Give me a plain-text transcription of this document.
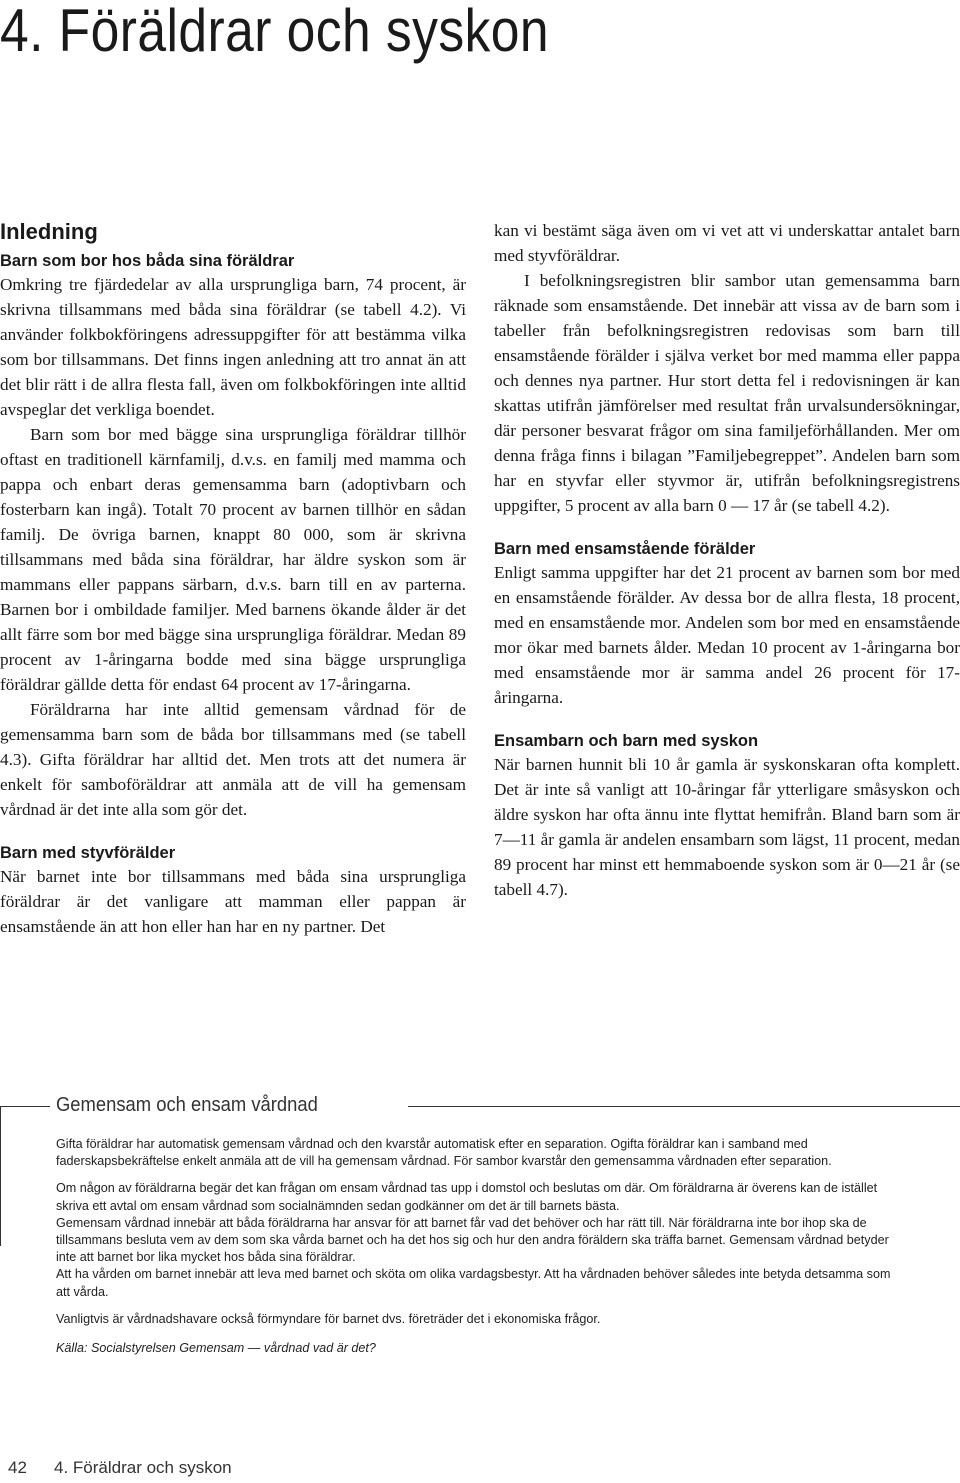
4. Föräldrar och syskon
Inledning

Barn som bor hos båda sina föräldrar

Omkring tre fjärdedelar av alla ursprungliga barn, 74 procent, är skrivna tillsammans med båda sina föräldrar (se tabell 4.2). Vi använder folkbokföringens adressuppgifter för att bestämma vilka som bor tillsammans. Det finns ingen anledning att tro annat än att det blir rätt i de allra flesta fall, även om folkbokföringen inte alltid avspeglar det verkliga boendet.

Barn som bor med bägge sina ursprungliga föräldrar tillhör oftast en traditionell kärnfamilj, d.v.s. en familj med mamma och pappa och enbart deras gemensamma barn (adoptivbarn och fosterbarn kan ingå). Totalt 70 procent av barnen tillhör en sådan familj. De övriga barnen, knappt 80 000, som är skrivna tillsammans med båda sina föräldrar, har äldre syskon som är mammans eller pappans särbarn, d.v.s. barn till en av parterna. Barnen bor i ombildade familjer. Med barnens ökande ålder är det allt färre som bor med bägge sina ursprungliga föräldrar. Medan 89 procent av 1-åringarna bodde med sina bägge ursprungliga föräldrar gällde detta för endast 64 procent av 17-åringarna.

Föräldrarna har inte alltid gemensam vårdnad för de gemensamma barn som de båda bor tillsammans med (se tabell 4.3). Gifta föräldrar har alltid det. Men trots att det numera är enkelt för samboföräldrar att anmäla att de vill ha gemensam vårdnad är det inte alla som gör det.

Barn med styvförälder

När barnet inte bor tillsammans med båda sina ursprungliga föräldrar är det vanligare att mamman eller pappan är ensamstående än att hon eller han har en ny partner. Det

kan vi bestämt säga även om vi vet att vi underskattar antalet barn med styvföräldrar.

I befolkningsregistren blir sambor utan gemensamma barn räknade som ensamstående. Det innebär att vissa av de barn som i tabeller från befolkningsregistren redovisas som barn till ensamstående förälder i själva verket bor med mamma eller pappa och dennes nya partner. Hur stort detta fel i redovisningen är kan skattas utifrån jämförelser med resultat från urvalsundersökningar, där personer besvarat frågor om sina familjeförhållanden. Mer om denna fråga finns i bilagan ”Familjebegreppet”. Andelen barn som har en styvfar eller styvmor är, utifrån befolkningsregistrens uppgifter, 5 procent av alla barn 0 — 17 år (se tabell 4.2).

Barn med ensamstående förälder

Enligt samma uppgifter har det 21 procent av barnen som bor med en ensamstående förälder. Av dessa bor de allra flesta, 18 procent, med en ensamstående mor. Andelen som bor med en ensamstående mor ökar med barnets ålder. Medan 10 procent av 1-åringarna bor med ensamstående mor är samma andel 26 procent för 17-åringarna.

Ensambarn och barn med syskon

När barnen hunnit bli 10 år gamla är syskonskaran ofta komplett. Det är inte så vanligt att 10-åringar får ytterligare småsyskon och äldre syskon har ofta ännu inte flyttat hemifrån. Bland barn som är 7—11 år gamla är andelen ensambarn som lägst, 11 procent, medan 89 procent har minst ett hemmaboende syskon som är 0—21 år (se tabell 4.7).

Gemensam och ensam vårdnad

Gifta föräldrar har automatisk gemensam vårdnad och den kvarstår automatisk efter en separation. Ogifta föräldrar kan i samband med faderskapsbekräftelse enkelt anmäla att de vill ha gemensam vårdnad. För sambor kvarstår den gemensamma vårdnaden efter separation.

Om någon av föräldrarna begär det kan frågan om ensam vårdnad tas upp i domstol och beslutas om där. Om föräldrarna är överens kan de istället skriva ett avtal om ensam vårdnad som socialnämnden sedan godkänner om det är till barnets bästa.

Gemensam vårdnad innebär att båda föräldrarna har ansvar för att barnet får vad det behöver och har rätt till. När föräldrarna inte bor ihop ska de tillsammans besluta vem av dem som ska vårda barnet och ha det hos sig och hur den andra föräldern ska träffa barnet. Gemensam vårdnad betyder inte att barnet bor lika mycket hos båda sina föräldrar.

Att ha vården om barnet innebär att leva med barnet och sköta om olika vardagsbestyr. Att ha vårdnaden behöver således inte betyda detsamma som att vårda.

Vanligtvis är vårdnadshavare också förmyndare för barnet dvs. företräder det i ekonomiska frågor.

Källa: Socialstyrelsen Gemensam — vårdnad vad är det?

42 4. Föräldrar och syskon
